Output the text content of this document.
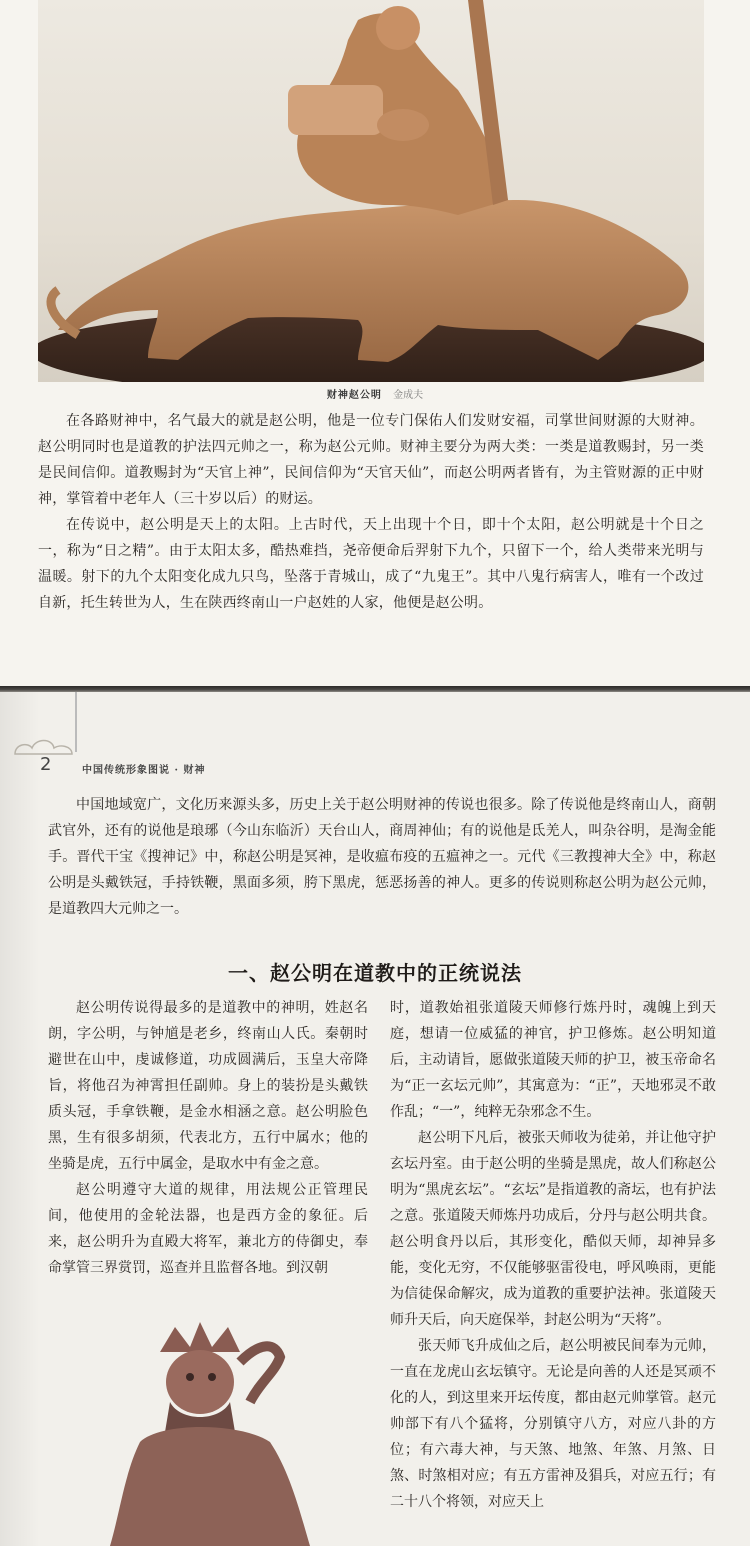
财神赵公明 金成夫

在各路财神中，名气最大的就是赵公明，他是一位专门保佑人们发财安福，司掌世间财源的大财神。赵公明同时也是道教的护法四元帅之一，称为赵公元帅。财神主要分为两大类：一类是道教赐封，另一类是民间信仰。道教赐封为“天官上神”，民间信仰为“天官天仙”，而赵公明两者皆有，为主管财源的正中财神，掌管着中老年人（三十岁以后）的财运。

在传说中，赵公明是天上的太阳。上古时代，天上出现十个日，即十个太阳，赵公明就是十个日之一，称为“日之精”。由于太阳太多，酷热难挡，尧帝便命后羿射下九个，只留下一个，给人类带来光明与温暖。射下的九个太阳变化成九只鸟，坠落于青城山，成了“九鬼王”。其中八鬼行病害人，唯有一个改过自新，托生转世为人，生在陕西终南山一户赵姓的人家，他便是赵公明。

2	中国传统形象图说 · 财神

中国地域宽广，文化历来源头多，历史上关于赵公明财神的传说也很多。除了传说他是终南山人，商朝武官外，还有的说他是琅琊（今山东临沂）天台山人，商周神仙；有的说他是氐羌人，叫杂谷明，是淘金能手。晋代干宝《搜神记》中，称赵公明是冥神，是收瘟布疫的五瘟神之一。元代《三教搜神大全》中，称赵公明是头戴铁冠，手持铁鞭，黑面多须，胯下黑虎，惩恶扬善的神人。更多的传说则称赵公明为赵公元帅，是道教四大元帅之一。

一、赵公明在道教中的正统说法

赵公明传说得最多的是道教中的神明，姓赵名朗，字公明，与钟馗是老乡，终南山人氏。秦朝时避世在山中，虔诚修道，功成圆满后，玉皇大帝降旨，将他召为神霄担任副帅。身上的装扮是头戴铁质头冠，手拿铁鞭，是金水相涵之意。赵公明脸色黑，生有很多胡须，代表北方，五行中属水；他的坐骑是虎，五行中属金，是取水中有金之意。

赵公明遵守大道的规律，用法规公正管理民间，他使用的金轮法器，也是西方金的象征。后来，赵公明升为直殿大将军，兼北方的侍御史，奉命掌管三界赏罚，巡查并且监督各地。到汉朝

时，道教始祖张道陵天师修行炼丹时，魂魄上到天庭，想请一位威猛的神官，护卫修炼。赵公明知道后，主动请旨，愿做张道陵天师的护卫，被玉帝命名为“正一玄坛元帅”，其寓意为：“正”，天地邪灵不敢作乱；“一”，纯粹无杂邪念不生。

赵公明下凡后，被张天师收为徒弟，并让他守护玄坛丹室。由于赵公明的坐骑是黑虎，故人们称赵公明为“黑虎玄坛”。“玄坛”是指道教的斋坛，也有护法之意。张道陵天师炼丹功成后，分丹与赵公明共食。赵公明食丹以后，其形变化，酷似天师，却神异多能，变化无穷，不仅能够驱雷役电，呼风唤雨，更能为信徒保命解灾，成为道教的重要护法神。张道陵天师升天后，向天庭保举，封赵公明为“天将”。

张天师飞升成仙之后，赵公明被民间奉为元帅，一直在龙虎山玄坛镇守。无论是向善的人还是冥顽不化的人，到这里来开坛传度，都由赵元帅掌管。赵元帅部下有八个猛将，分别镇守八方，对应八卦的方位；有六毒大神，与天煞、地煞、年煞、月煞、日煞、时煞相对应；有五方雷神及猖兵，对应五行；有二十八个将领，对应天上
